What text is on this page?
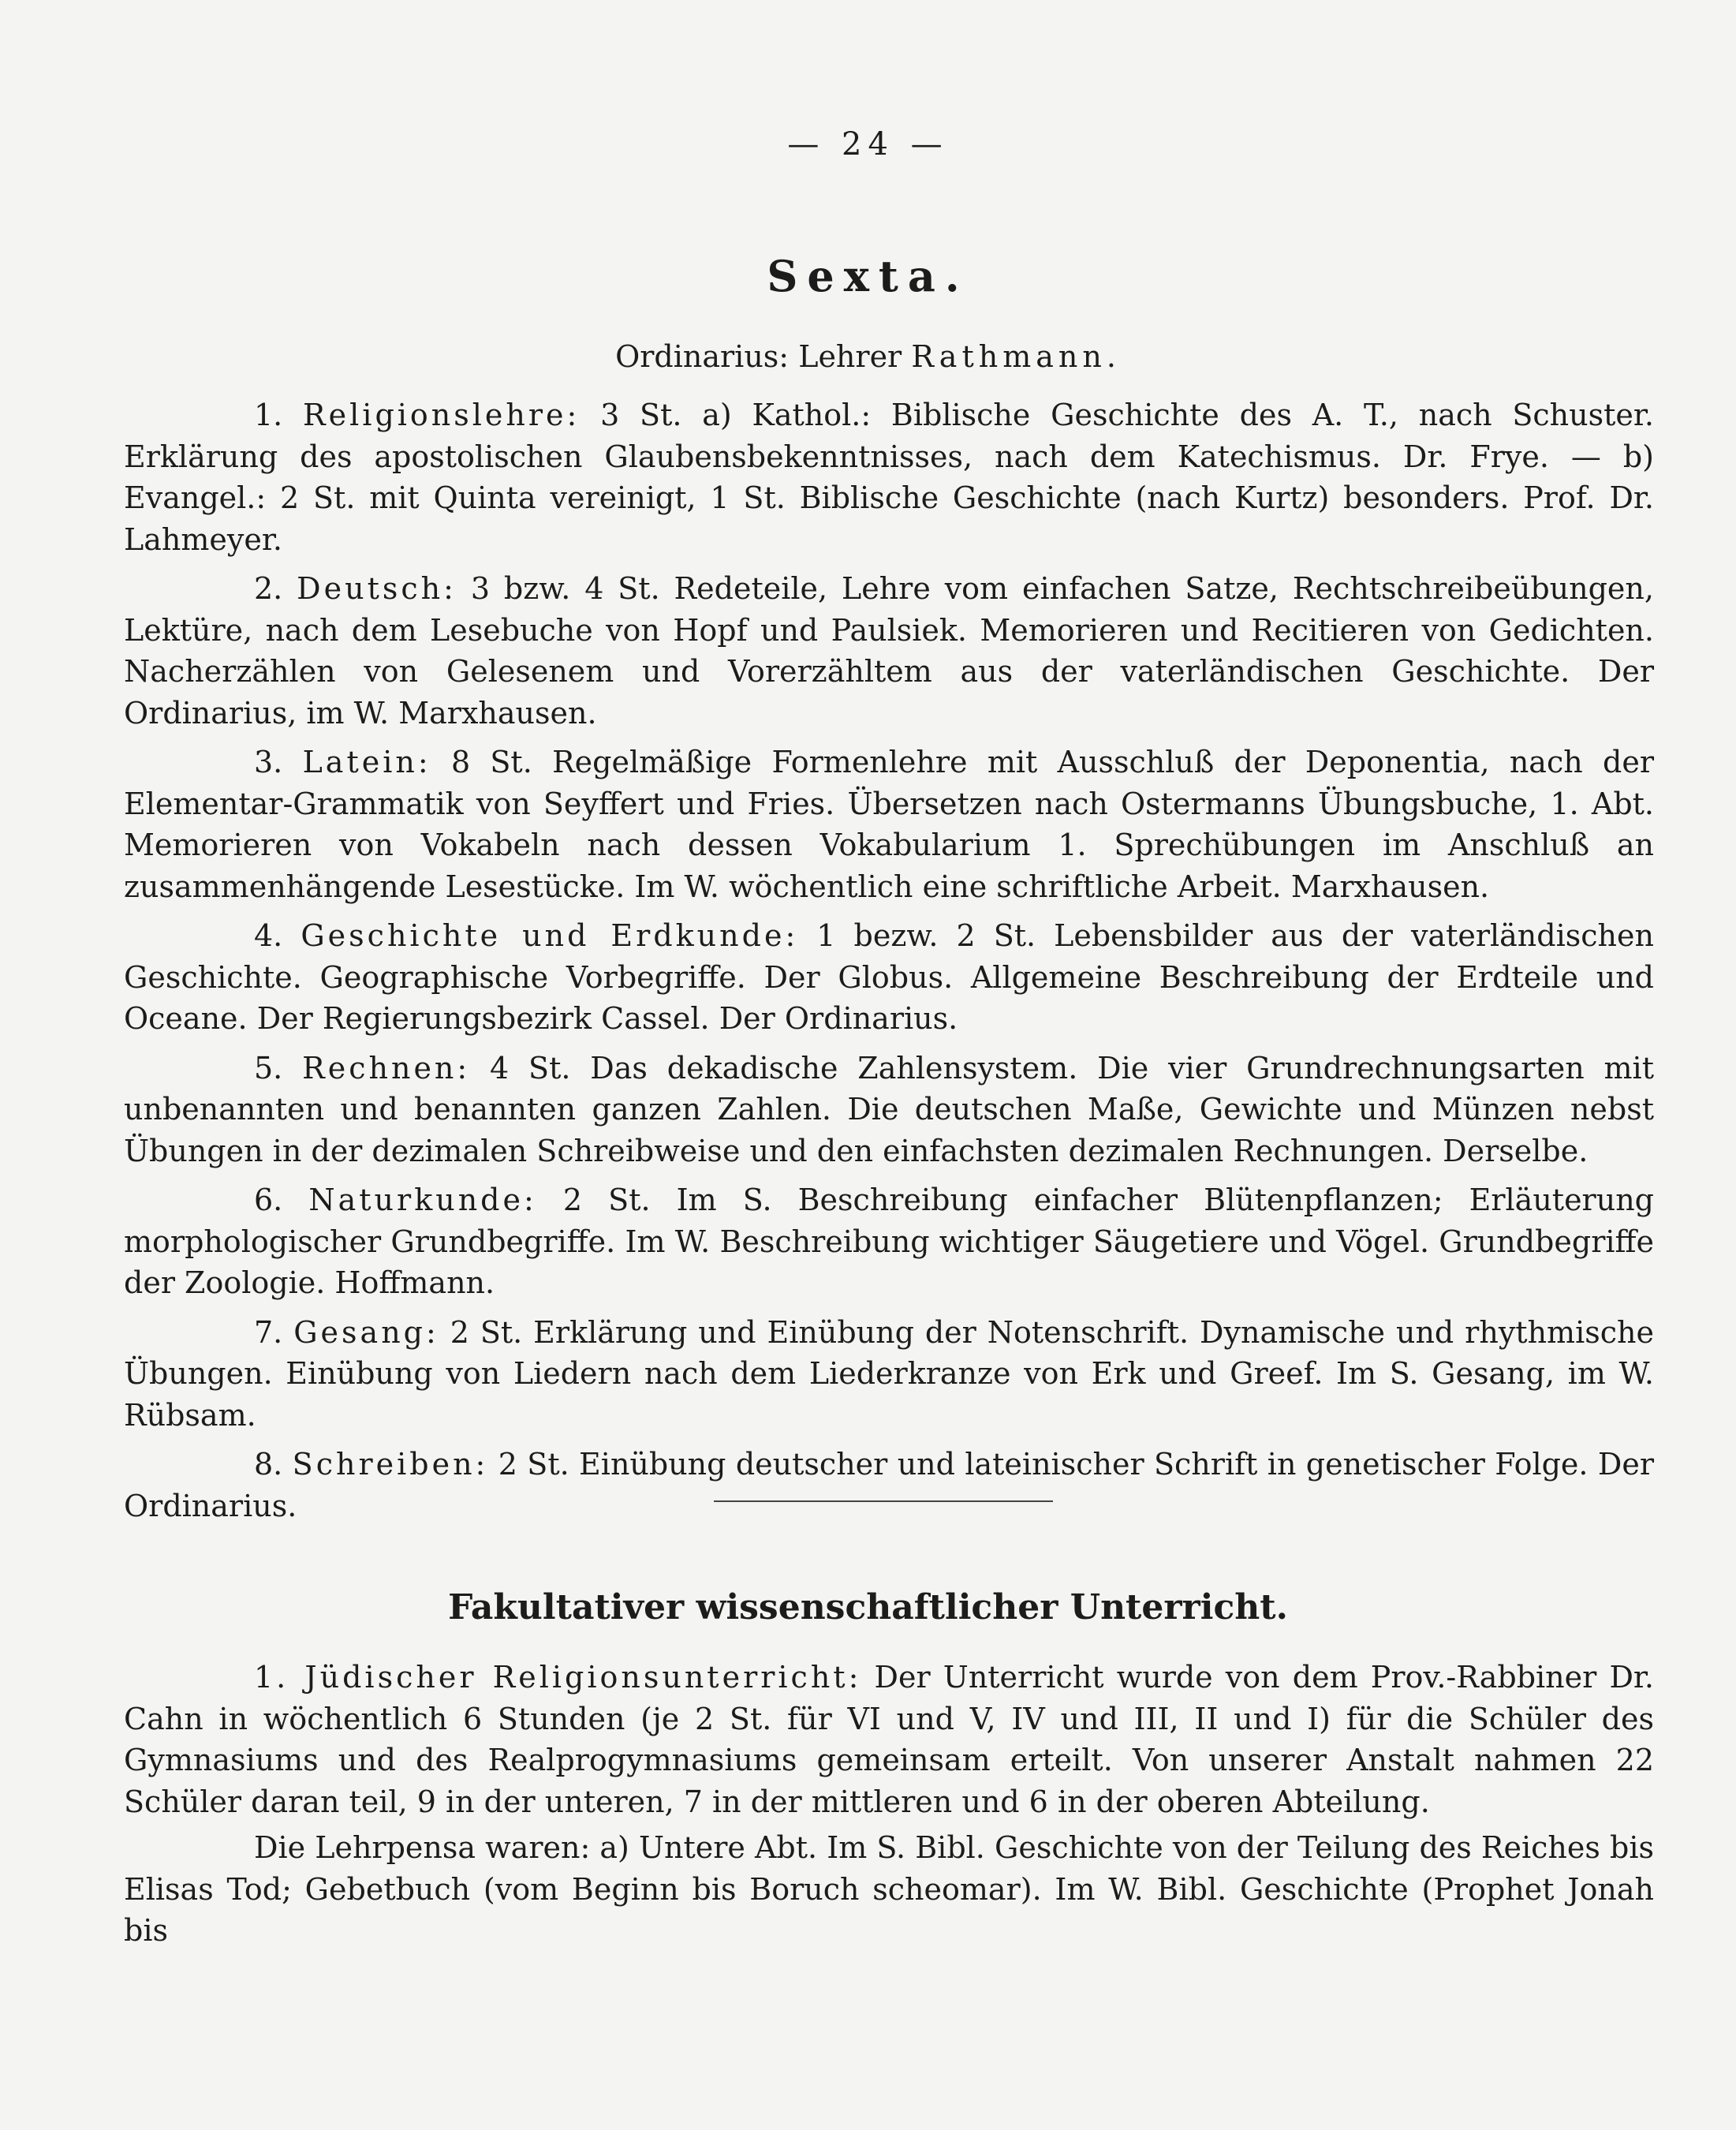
— 24 —
Sexta.
Ordinarius: Lehrer Rathmann.

1. Religionslehre: 3 St. a) Kathol.: Biblische Geschichte des A. T., nach Schuster. Erklärung des apostolischen Glaubensbekenntnisses, nach dem Katechismus. Dr. Frye. — b) Evangel.: 2 St. mit Quinta vereinigt, 1 St. Biblische Geschichte (nach Kurtz) besonders. Prof. Dr. Lahmeyer.

2. Deutsch: 3 bzw. 4 St. Redeteile, Lehre vom einfachen Satze, Rechtschreibeübungen, Lektüre, nach dem Lesebuche von Hopf und Paulsiek. Memorieren und Recitieren von Gedichten. Nacherzählen von Gelesenem und Vorerzähltem aus der vaterländischen Geschichte. Der Ordinarius, im W. Marxhausen.

3. Latein: 8 St. Regelmäßige Formenlehre mit Ausschluß der Deponentia, nach der Elementar-Grammatik von Seyffert und Fries. Übersetzen nach Ostermanns Übungsbuche, 1. Abt. Memorieren von Vokabeln nach dessen Vokabularium 1. Sprechübungen im Anschluß an zusammenhängende Lesestücke. Im W. wöchentlich eine schriftliche Arbeit. Marxhausen.

4. Geschichte und Erdkunde: 1 bezw. 2 St. Lebensbilder aus der vaterländischen Geschichte. Geographische Vorbegriffe. Der Globus. Allgemeine Beschreibung der Erdteile und Oceane. Der Regierungsbezirk Cassel. Der Ordinarius.

5. Rechnen: 4 St. Das dekadische Zahlensystem. Die vier Grundrechnungsarten mit unbenannten und benannten ganzen Zahlen. Die deutschen Maße, Gewichte und Münzen nebst Übungen in der dezimalen Schreibweise und den einfachsten dezimalen Rechnungen. Derselbe.

6. Naturkunde: 2 St. Im S. Beschreibung einfacher Blütenpflanzen; Erläuterung morphologischer Grundbegriffe. Im W. Beschreibung wichtiger Säugetiere und Vögel. Grundbegriffe der Zoologie. Hoffmann.

7. Gesang: 2 St. Erklärung und Einübung der Notenschrift. Dynamische und rhythmische Übungen. Einübung von Liedern nach dem Liederkranze von Erk und Greef. Im S. Gesang, im W. Rübsam.

8. Schreiben: 2 St. Einübung deutscher und lateinischer Schrift in genetischer Folge. Der Ordinarius.

Fakultativer wissenschaftlicher Unterricht.

1. Jüdischer Religionsunterricht: Der Unterricht wurde von dem Prov.-Rabbiner Dr. Cahn in wöchentlich 6 Stunden (je 2 St. für VI und V, IV und III, II und I) für die Schüler des Gymnasiums und des Realprogymnasiums gemeinsam erteilt. Von unserer Anstalt nahmen 22 Schüler daran teil, 9 in der unteren, 7 in der mittleren und 6 in der oberen Abteilung.

Die Lehrpensa waren: a) Untere Abt. Im S. Bibl. Geschichte von der Teilung des Reiches bis Elisas Tod; Gebetbuch (vom Beginn bis Boruch scheomar). Im W. Bibl. Geschichte (Prophet Jonah bis
